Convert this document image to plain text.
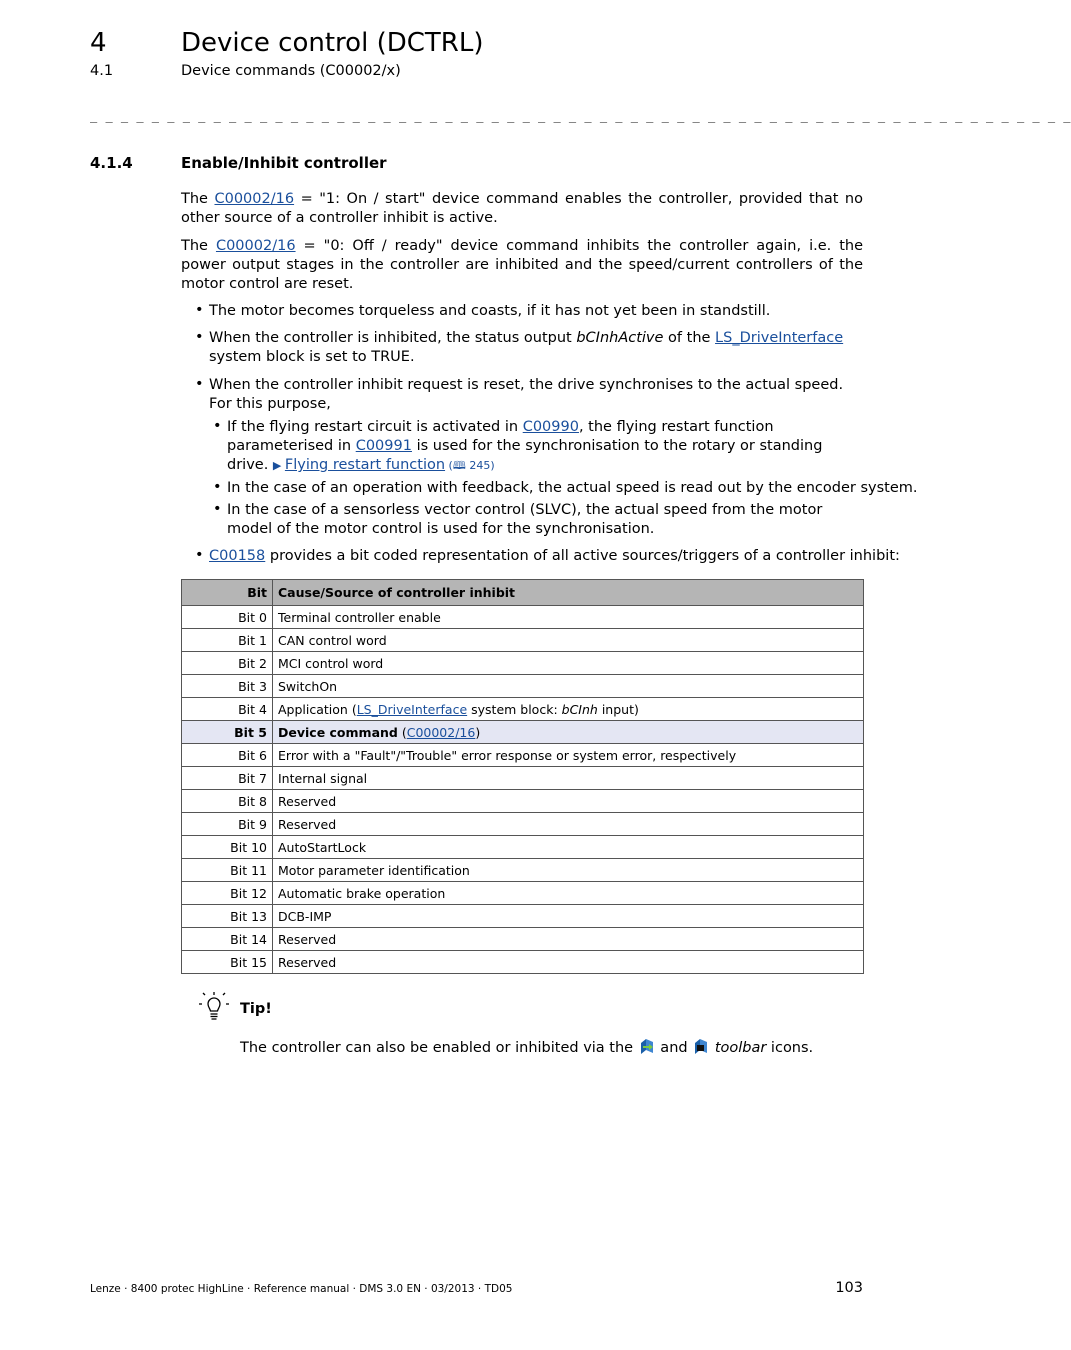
4	Device control (DCTRL)
4.1	Device commands (C00002/x)
_ _ _ _ _ _ _ _ _ _ _ _ _ _ _ _ _ _ _ _ _ _ _ _ _ _ _ _ _ _ _ _ _ _ _ _ _ _ _ _ _ _ _ _ _ _ _ _ _ _ _ _ _ _ _ _ _ _ _ _ _ _ _ _
4.1.4	Enable/Inhibit controller
The C00002/16 = "1: On / start" device command enables the controller, provided that no other source of a controller inhibit is active.
The C00002/16 = "0: Off / ready" device command inhibits the controller again, i.e. the power output stages in the controller are inhibited and the speed/current controllers of the motor control are reset.
• The motor becomes torqueless and coasts, if it has not yet been in standstill.
• When the controller is inhibited, the status output bCInhActive of the LS_DriveInterface system block is set to TRUE.
• When the controller inhibit request is reset, the drive synchronises to the actual speed. For this purpose,
• If the flying restart circuit is activated in C00990, the flying restart function parameterised in C00991 is used for the synchronisation to the rotary or standing drive. ▶ Flying restart function (🕮 245)
• In the case of an operation with feedback, the actual speed is read out by the encoder system.
• In the case of a sensorless vector control (SLVC), the actual speed from the motor model of the motor control is used for the synchronisation.
• C00158 provides a bit coded representation of all active sources/triggers of a controller inhibit:
Bit	Cause/Source of controller inhibit
Bit 0	Terminal controller enable
Bit 1	CAN control word
Bit 2	MCI control word
Bit 3	SwitchOn
Bit 4	Application (LS_DriveInterface system block: bCInh input)
Bit 5	Device command (C00002/16)
Bit 6	Error with a "Fault"/"Trouble" error response or system error, respectively
Bit 7	Internal signal
Bit 8	Reserved
Bit 9	Reserved
Bit 10	AutoStartLock
Bit 11	Motor parameter identification
Bit 12	Automatic brake operation
Bit 13	DCB-IMP
Bit 14	Reserved
Bit 15	Reserved
Tip!
The controller can also be enabled or inhibited via the  and  toolbar icons.
Lenze · 8400 protec HighLine · Reference manual · DMS 3.0 EN · 03/2013 · TD05	103
